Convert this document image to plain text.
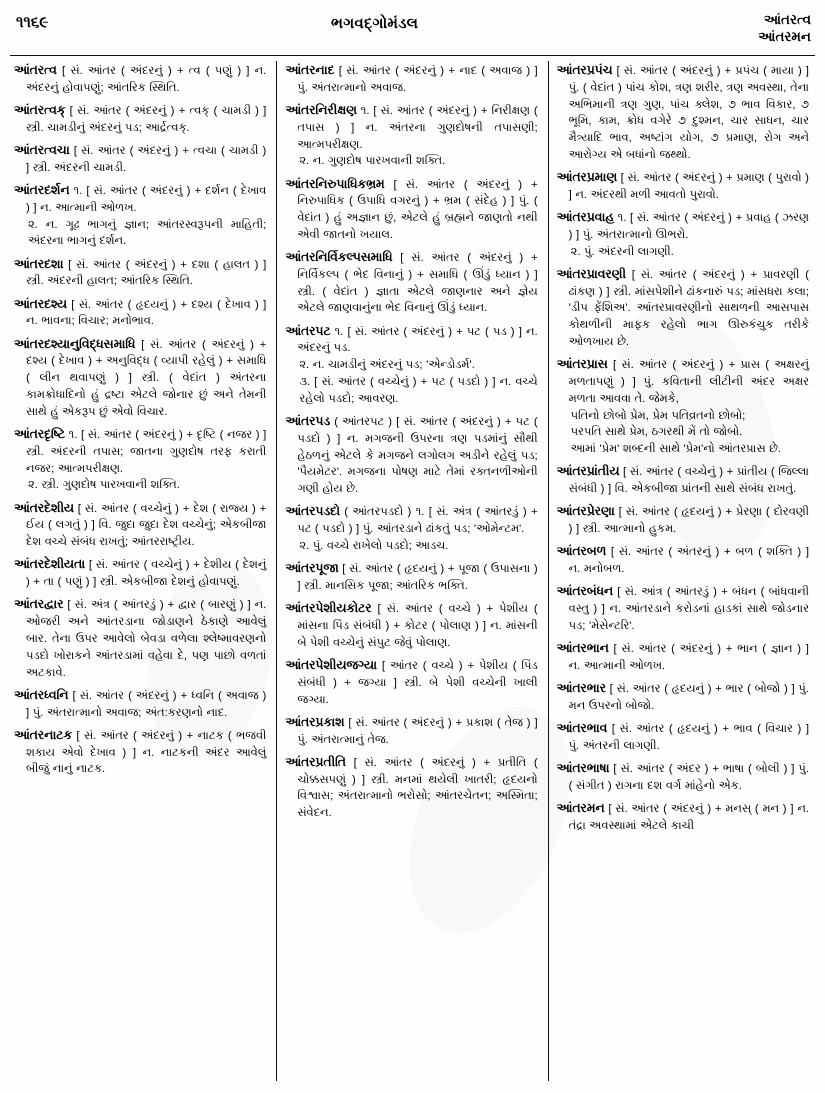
૧૧૬૯	ભગવદ્ગોમંડલ	આંતરત્વ
આંતરમન
આંતરત્વ [ સં. આંતર ( અંદરનું ) + ત્વ ( પણું ) ] ન. અંદરનું હોવાપણું; આંતરિક સ્થિતિ.
આંતરત્વક્ [ સં. આંતર ( અંદરનું ) + ત્વક્ ( ચામડી ) ] સ્ત્રી. ચામડીનું અંદરનું પડ; આર્દ્રત્વક્.
આંતરત્વચા [ સં. આંતર ( અંદરનું ) + ત્વચા ( ચામડી ) ] સ્ત્રી. અંદરની ચામડી.
આંતરદર્શન ૧. [ સં. આંતર ( અંદરનું ) + દર્શન ( દેખાવ ) ] ન. આત્માની ઓળખ.
૨. ન. ગૂઢ ભાગનું જ્ઞાન; આંતરસ્વરૂપની માહિતી; અંદરના ભાગનું દર્શન.
આંતરદશા [ સં. આંતર ( અંદરનું ) + દશા ( હાલત ) ] સ્ત્રી. અંદરની હાલત; આંતરિક સ્થિતિ.
આંતરદશ્ય [ સં. આંતર ( હૃદયનું ) + દશ્ય ( દેખાવ ) ] ન. ભાવના; વિચાર; મનોભાવ.
આંતરદશ્યાનુવિદ્ધસમાધિ [ સં. આંતર ( અંદરનું ) + દશ્ય ( દેખાવ ) + અનુવિદ્ધ ( વ્યાપી રહેલું ) + સમાધિ ( લીન થવાપણું ) ] સ્ત્રી. ( વેદાંત ) અંતરના કામક્રોધાદિનો હું દ્રષ્ટા એટલે જોનાર છું અને તેમની સાથે હું એકરૂપ છું એવો વિચાર.
આંતરદૃષ્ટિ ૧. [ સં. આંતર ( અંદરનું ) + દૃષ્ટિ ( નજર ) ] સ્ત્રી. અંદરની તપાસ; જાતના ગુણદોષ તરફ કરાતી નજર; આત્મપરીક્ષણ.
૨. સ્ત્રી. ગુણદોષ પારખવાની શક્તિ.
આંતરદેશીય [ સં. આંતર ( વચ્ચેનું ) + દેશ ( રાજ્ય ) + ઈય ( લગતું ) ] વિ. જુદા જુદા દેશ વચ્ચેનું; એકબીજા દેશ વચ્ચે સંબંધ રાખતું; આંતરરાષ્ટ્રીય.
આંતરદેશીયતા [ સં. આંતર ( વચ્ચેનું ) + દેશીય ( દેશનું ) + તા ( પણું ) ] સ્ત્રી. એકબીજા દેશનું હોવાપણું.
આંતરદ્વાર [ સં. અંત્ર ( આંતરડું ) + દ્વાર ( બારણું ) ] ન. ઓજરી અને આંતરડાના જોડાણને ઠેકાણે આવેલું બાર. તેના ઉપર આવેલો બેવડા વળેલા શ્લેષ્માવરણનો પડદો ખોરાકને આંતરડામાં વહેવા દે, પણ પાછો વળતાં અટકાવે.
આંતરધ્વનિ [ સં. આંતર ( અંદરનું ) + ધ્વનિ ( અવાજ ) ] પું. અંતરાત્માનો અવાજ; અંત:કરણનો નાદ.
આંતરનાટક [ સં. આંતર ( અંદરનું ) + નાટક ( ભજવી શકાય એવો દેખાવ ) ] ન. નાટકની અંદર આવેલું બીજું નાનું નાટક.
આંતરનાદ [ સં. આંતર ( અંદરનું ) + નાદ ( અવાજ ) ] પું. અંતરાત્માનો અવાજ.
આંતરનિરીક્ષણ ૧. [ સં. આંતર ( અંદરનું ) + નિરીક્ષણ ( તપાસ ) ] ન. અંતરના ગુણદોષની તપાસણી; આત્મપરીક્ષણ.
૨. ન. ગુણદોષ પારખવાની શક્તિ.
આંતરનિરુપાધિકભ્રમ [ સં. આંતર ( અંદરનું ) + નિરુપાધિક ( ઉપાધિ વગરનું ) + ભ્રમ ( સંદેહ ) ] પું. ( વેદાંત ) હું અજ્ઞાન છું, એટલે હું બ્રહ્મને જાણતો નથી એવી જાતનો ખયાલ.
આંતરનિર્વિકલ્પસમાધિ [ સં. આંતર ( અંદરનું ) + નિર્વિકલ્પ ( ભેદ વિનાનું ) + સમાધિ ( ઊંડું ધ્યાન ) ] સ્ત્રી. ( વેદાંત ) જ્ઞાતા એટલે જાણનાર અને જ્ઞેય એટલે જાણવાનુંના ભેદ વિનાનું ઊંડું ધ્યાન.
આંતરપટ ૧. [ સં. આંતર ( અંદરનું ) + પટ ( પડ ) ] ન. અંદરનું પડ.
૨. ન. ચામડીનું અંદરનું પડ; 'એન્ડોડર્મ'.
૩. [ સં. આંતર ( વચ્ચેનું ) + પટ ( પડદો ) ] ન. વચ્ચે રહેલો પડદો; આવરણ.
આંતરપડ ( આંતરપટ ) [ સં. આંતર ( અંદરનું ) + પટ ( પડદો ) ] ન. મગજની ઉપરના ત્રણ પડમાંનું સૌથી હેઠળનું એટલે કે મગજને લગોલગ અડીને રહેલું પડ; 'પૈયમેટર'. મગજના પોષણ માટે તેમાં રક્તનળીઓની ગણી હોય છે.
આંતરપડદો ( આંતરપડદો ) ૧. [ સં. અંત્ર ( આંતરડું ) + પટ ( પડદો ) ] પું. આંતરડાને ઢાંકતું પડ; 'ઓમેન્ટમ'.
૨. પું. વચ્ચે રાખેલો પડદો; આડચ.
આંતરપૂજા [ સં. આંતર ( હૃદયનું ) + પૂજા ( ઉપાસના ) ] સ્ત્રી. માનસિક પૂજા; આંતરિક ભક્તિ.
આંતરપેશીયકોટર [ સં. આંતર ( વચ્ચે ) + પેશીય ( માંસના પિંડ સંબંધી ) + કોટર ( પોલાણ ) ] ન. માંસની બે પેશી વચ્ચેનું સંપુટ જેવું પોલાણ.
આંતરપેશીયજગ્યા [ આંતર ( વચ્ચે ) + પેશીય ( પિંડ સંબંધી ) + જગ્યા ] સ્ત્રી. બે પેશી વચ્ચેની ખાલી જગ્યા.
આંતરપ્રકાશ [ સં. આંતર ( અંદરનું ) + પ્રકાશ ( તેજ ) ] પું. અંતરાત્માનું તેજ.
આંતરપ્રતીતિ [ સં. આંતર ( અંદરનું ) + પ્રતીતિ ( ચોક્કસપણું ) ] સ્ત્રી. મનમાં થયેલી ખાતરી; હૃદયનો વિશ્વાસ; અંતરાત્માનો ભરોસો; આંતરચેતન; અસ્મિતા; સંવેદન.
આંતરપ્રપંચ [ સં. આંતર ( અંદરનું ) + પ્રપંચ ( માયા ) ] પું. ( વેદાંત ) પાંચ કોશ, ત્રણ શરીર, ત્રણ અવસ્થા, તેના અભિમાની ત્રણ ગુણ, પાંચ ક્લેશ, ૭ ભાવ વિકાર, ૭ ભૂમિ, કામ, ક્રોધ વગેરે ૭ દુશ્મન, ચાર સાધન, ચાર મૈત્ર્યાદિ ભાવ, અષ્ટાંગ યોગ, ૭ પ્રમાણ, રોગ અને આરોગ્ય એ બધાંનો જથ્થો.
આંતરપ્રમાણ [ સં. આંતર ( અંદરનું ) + પ્રમાણ ( પુરાવો ) ] ન. અંદરથી મળી આવતો પુરાવો.
આંતરપ્રવાહ ૧. [ સં. આંતર ( અંદરનું ) + પ્રવાહ ( ઝરણ ) ] પું. અંતરાત્માનો ઊભરો.
૨. પું. અંદરની લાગણી.
આંતરપ્રાવરણી [ સં. આંતર ( અંદરનું ) + પ્રાવરણી ( ઢાંકણ ) ] સ્ત્રી. માંસપેશીને ઢાંકનારું પડ; માંસધરા કલા; 'ડીપ ફેંશિઅ'. આંતરપ્રાવરણીનો સાથળની આસપાસ કોથળીની માફક રહેલો ભાગ ઊરુકંચુક તરીકે ઓળખાય છે.
આંતરપ્રાસ [ સં. આંતર ( અંદરનું ) + પ્રાસ ( અક્ષરનું મળતાપણું ) ] પું. કવિતાની લીટીની અંદર અક્ષર મળતા આવવા તે. જેમકે,
પતિનો છોબો પ્રેમ, પ્રેમ પતિવ્રતનો છોબો;
પરપતિ સાથે પ્રેમ, ઠગરથી મેં તો જોબો.
આમાં 'પ્રેમ' શબ્દની સાથે 'પ્રેમ'નો આંતરપ્રાસ છે.
આંતરપ્રાંતીય [ સં. આંતર ( વચ્ચેનું ) + પ્રાંતીય ( જિલ્લા સંબંધી ) ] વિ. એકબીજા પ્રાંતની સાથે સંબંધ રાખતું.
આંતરપ્રેરણા [ સં. આંતર ( હૃદયનું ) + પ્રેરણા ( દોરવણી ) ] સ્ત્રી. આત્માનો હુકમ.
આંતરબળ [ સં. આંતર ( અંતરનું ) + બળ ( શક્તિ ) ] ન. મનોબળ.
આંતરબંધન [ સં. આંત્ર ( આંતરડું ) + બંધન ( બાંધવાની વસ્તુ ) ] ન. આંતરડાને કરોડનાં હાડકાં સાથે જોડનાર પડ; 'મેસેન્ટરિ'.
આંતરભાન [ સં. આંતર ( અંદરનું ) + ભાન ( જ્ઞાન ) ] ન. આત્માની ઓળખ.
આંતરભાર [ સં. આંતર ( હૃદયનું ) + ભાર ( બોજો ) ] પું. મન ઉપરનો બોજો.
આંતરભાવ [ સં. આંતર ( હૃદયનું ) + ભાવ ( વિચાર ) ] પું. અંતરની લાગણી.
આંતરભાષા [ સં. આંતર ( અંદર ) + ભાષા ( બોલી ) ] પું. ( સંગીત ) રાગના દશ વર્ગ માંહેનો એક.
આંતરમન [ સં. આંતર ( અંદરનું ) + મનસ્ ( મન ) ] ન. તંદ્રા અવસ્થામાં એટલે કાચી
